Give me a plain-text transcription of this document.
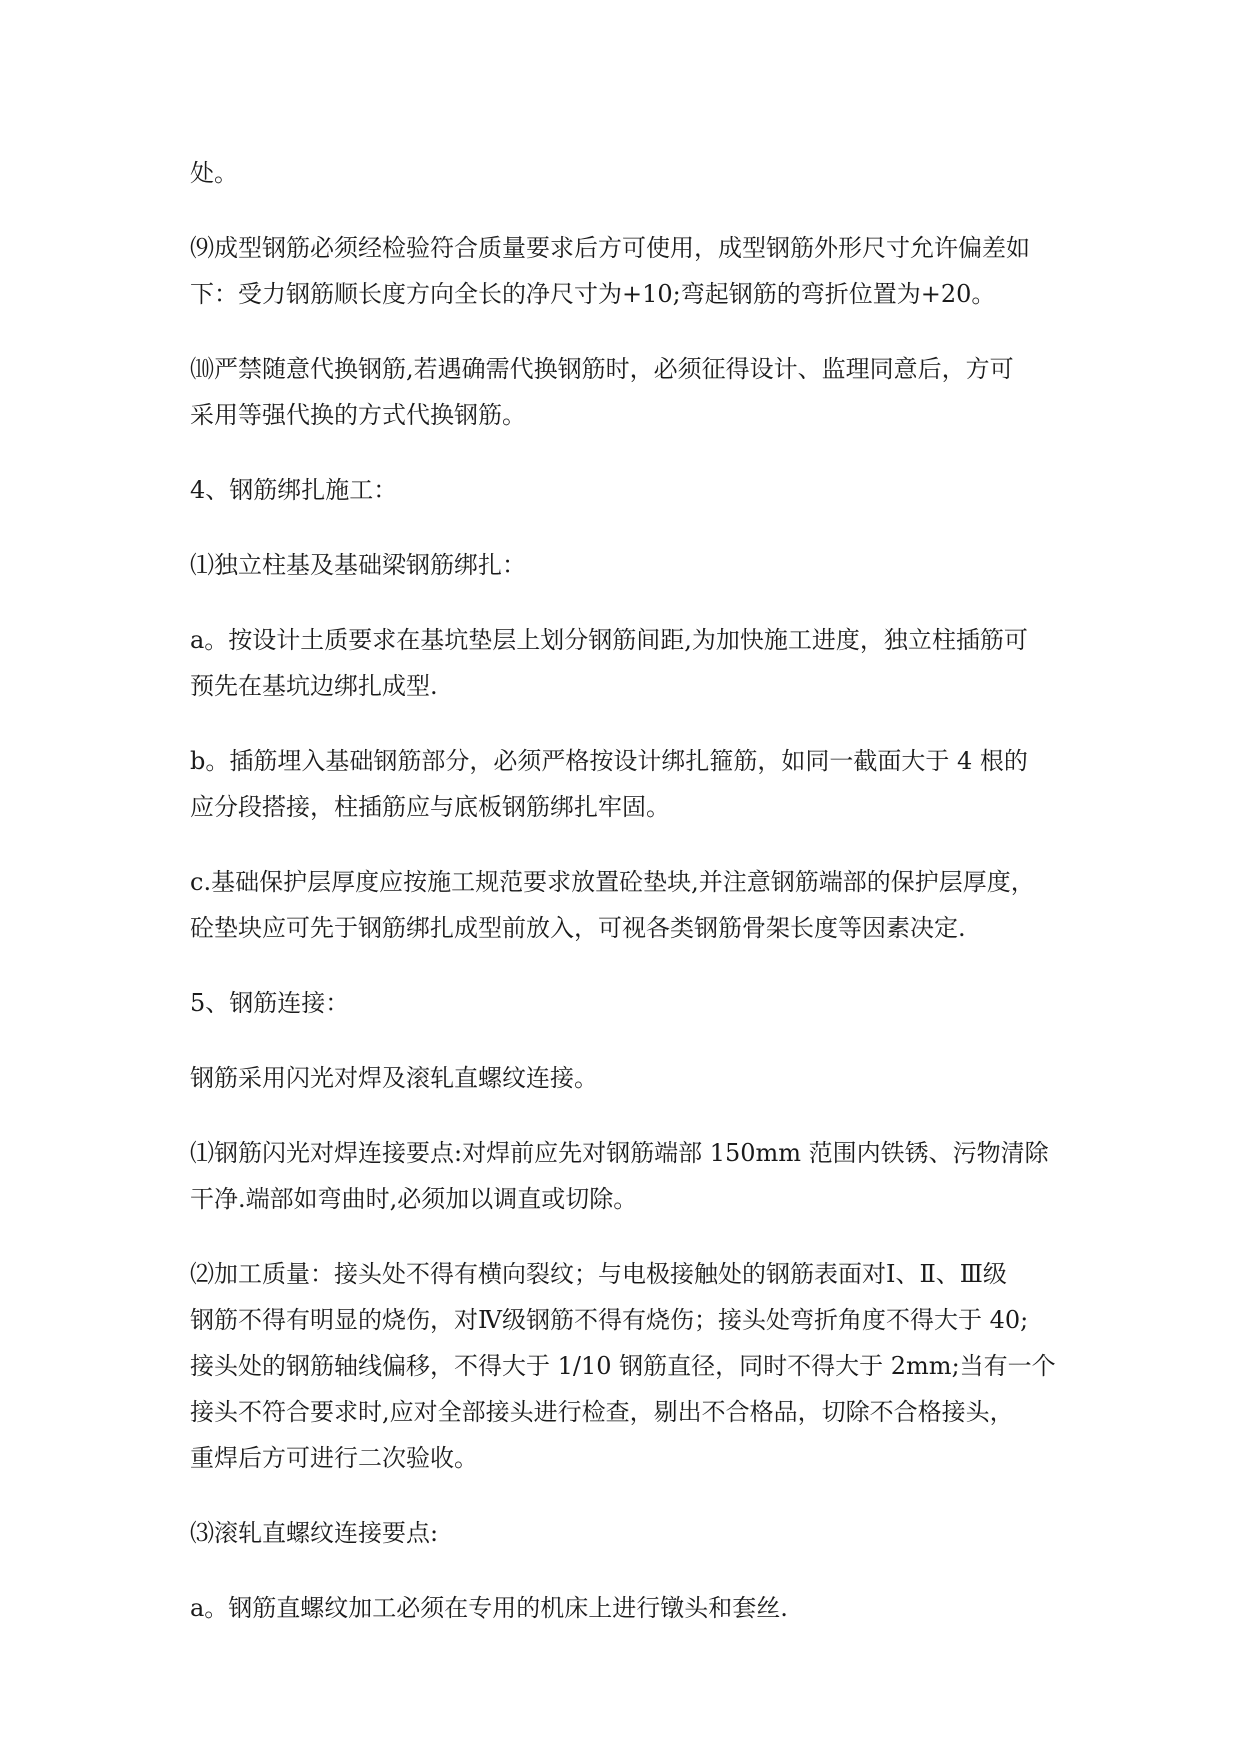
处。

⑼成型钢筋必须经检验符合质量要求后方可使用，成型钢筋外形尺寸允许偏差如
下：受力钢筋顺长度方向全长的净尺寸为+10;弯起钢筋的弯折位置为+20。

⑽严禁随意代换钢筋,若遇确需代换钢筋时，必须征得设计、监理同意后，方可
采用等强代换的方式代换钢筋。

4、钢筋绑扎施工：

⑴独立柱基及基础梁钢筋绑扎：

a。按设计土质要求在基坑垫层上划分钢筋间距,为加快施工进度，独立柱插筋可
预先在基坑边绑扎成型.

b。插筋埋入基础钢筋部分，必须严格按设计绑扎箍筋，如同一截面大于 4 根的
应分段搭接，柱插筋应与底板钢筋绑扎牢固。

c.基础保护层厚度应按施工规范要求放置砼垫块,并注意钢筋端部的保护层厚度，
砼垫块应可先于钢筋绑扎成型前放入，可视各类钢筋骨架长度等因素决定.

5、钢筋连接：

钢筋采用闪光对焊及滚轧直螺纹连接。

⑴钢筋闪光对焊连接要点:对焊前应先对钢筋端部 150mm 范围内铁锈、污物清除
干净.端部如弯曲时,必须加以调直或切除。

⑵加工质量：接头处不得有横向裂纹；与电极接触处的钢筋表面对Ⅰ、Ⅱ、Ⅲ级
钢筋不得有明显的烧伤，对Ⅳ级钢筋不得有烧伤；接头处弯折角度不得大于 40;
接头处的钢筋轴线偏移，不得大于 1/10 钢筋直径，同时不得大于 2mm;当有一个
接头不符合要求时,应对全部接头进行检查，剔出不合格品，切除不合格接头，
重焊后方可进行二次验收。

⑶滚轧直螺纹连接要点:

a。钢筋直螺纹加工必须在专用的机床上进行镦头和套丝.
